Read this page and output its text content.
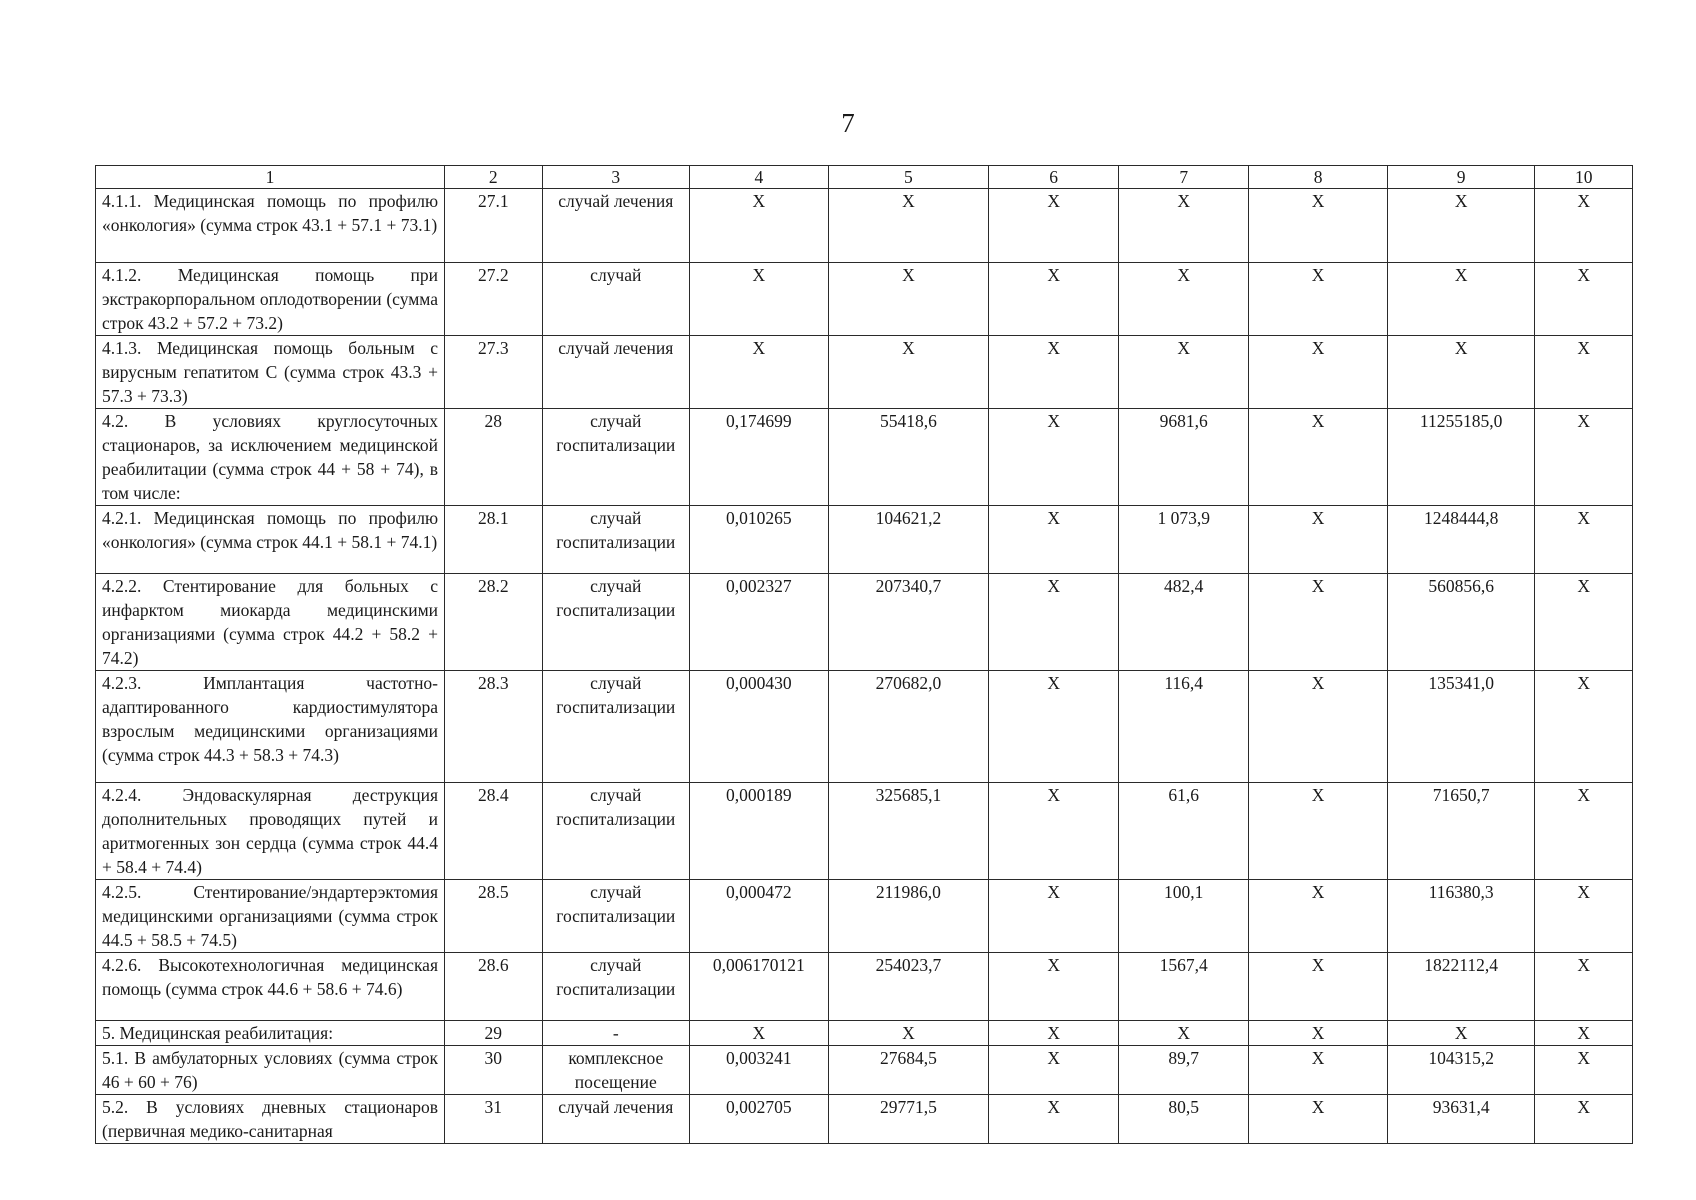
7
1	2	3	4	5	6	7	8	9	10
4.1.1. Медицинская помощь по профилю «онкология» (сумма строк 43.1 + 57.1 + 73.1)	27.1	случай лечения	X	X	X	X	X	X	X
4.1.2. Медицинская помощь при экстракорпоральном оплодотворении (сумма строк 43.2 + 57.2 + 73.2)	27.2	случай	X	X	X	X	X	X	X
4.1.3. Медицинская помощь больным с вирусным гепатитом С (сумма строк 43.3 + 57.3 + 73.3)	27.3	случай лечения	X	X	X	X	X	X	X
4.2. В условиях круглосуточных стационаров, за исключением медицинской реабилитации (сумма строк 44 + 58 + 74), в том числе:	28	случай госпитализации	0,174699	55418,6	X	9681,6	X	11255185,0	X
4.2.1. Медицинская помощь по профилю «онкология» (сумма строк 44.1 + 58.1 + 74.1)	28.1	случай госпитализации	0,010265	104621,2	X	1 073,9	X	1248444,8	X
4.2.2. Стентирование для больных с инфарктом миокарда медицинскими организациями (сумма строк 44.2 + 58.2 + 74.2)	28.2	случай госпитализации	0,002327	207340,7	X	482,4	X	560856,6	X
4.2.3. Имплантация частотно-адаптированного кардиостимулятора взрослым медицинскими организациями (сумма строк 44.3 + 58.3 + 74.3)	28.3	случай госпитализации	0,000430	270682,0	X	116,4	X	135341,0	X
4.2.4. Эндоваскулярная деструкция дополнительных проводящих путей и аритмогенных зон сердца (сумма строк 44.4 + 58.4 + 74.4)	28.4	случай госпитализации	0,000189	325685,1	X	61,6	X	71650,7	X
4.2.5. Стентирование/эндартерэктомия медицинскими организациями (сумма строк 44.5 + 58.5 + 74.5)	28.5	случай госпитализации	0,000472	211986,0	X	100,1	X	116380,3	X
4.2.6. Высокотехнологичная медицинская помощь (сумма строк 44.6 + 58.6 + 74.6)	28.6	случай госпитализации	0,006170121	254023,7	X	1567,4	X	1822112,4	X
5. Медицинская реабилитация:	29	-	X	X	X	X	X	X	X
5.1. В амбулаторных условиях (сумма строк 46 + 60 + 76)	30	комплексное посещение	0,003241	27684,5	X	89,7	X	104315,2	X
5.2. В условиях дневных стационаров (первичная медико-санитарная	31	случай лечения	0,002705	29771,5	X	80,5	X	93631,4	X
